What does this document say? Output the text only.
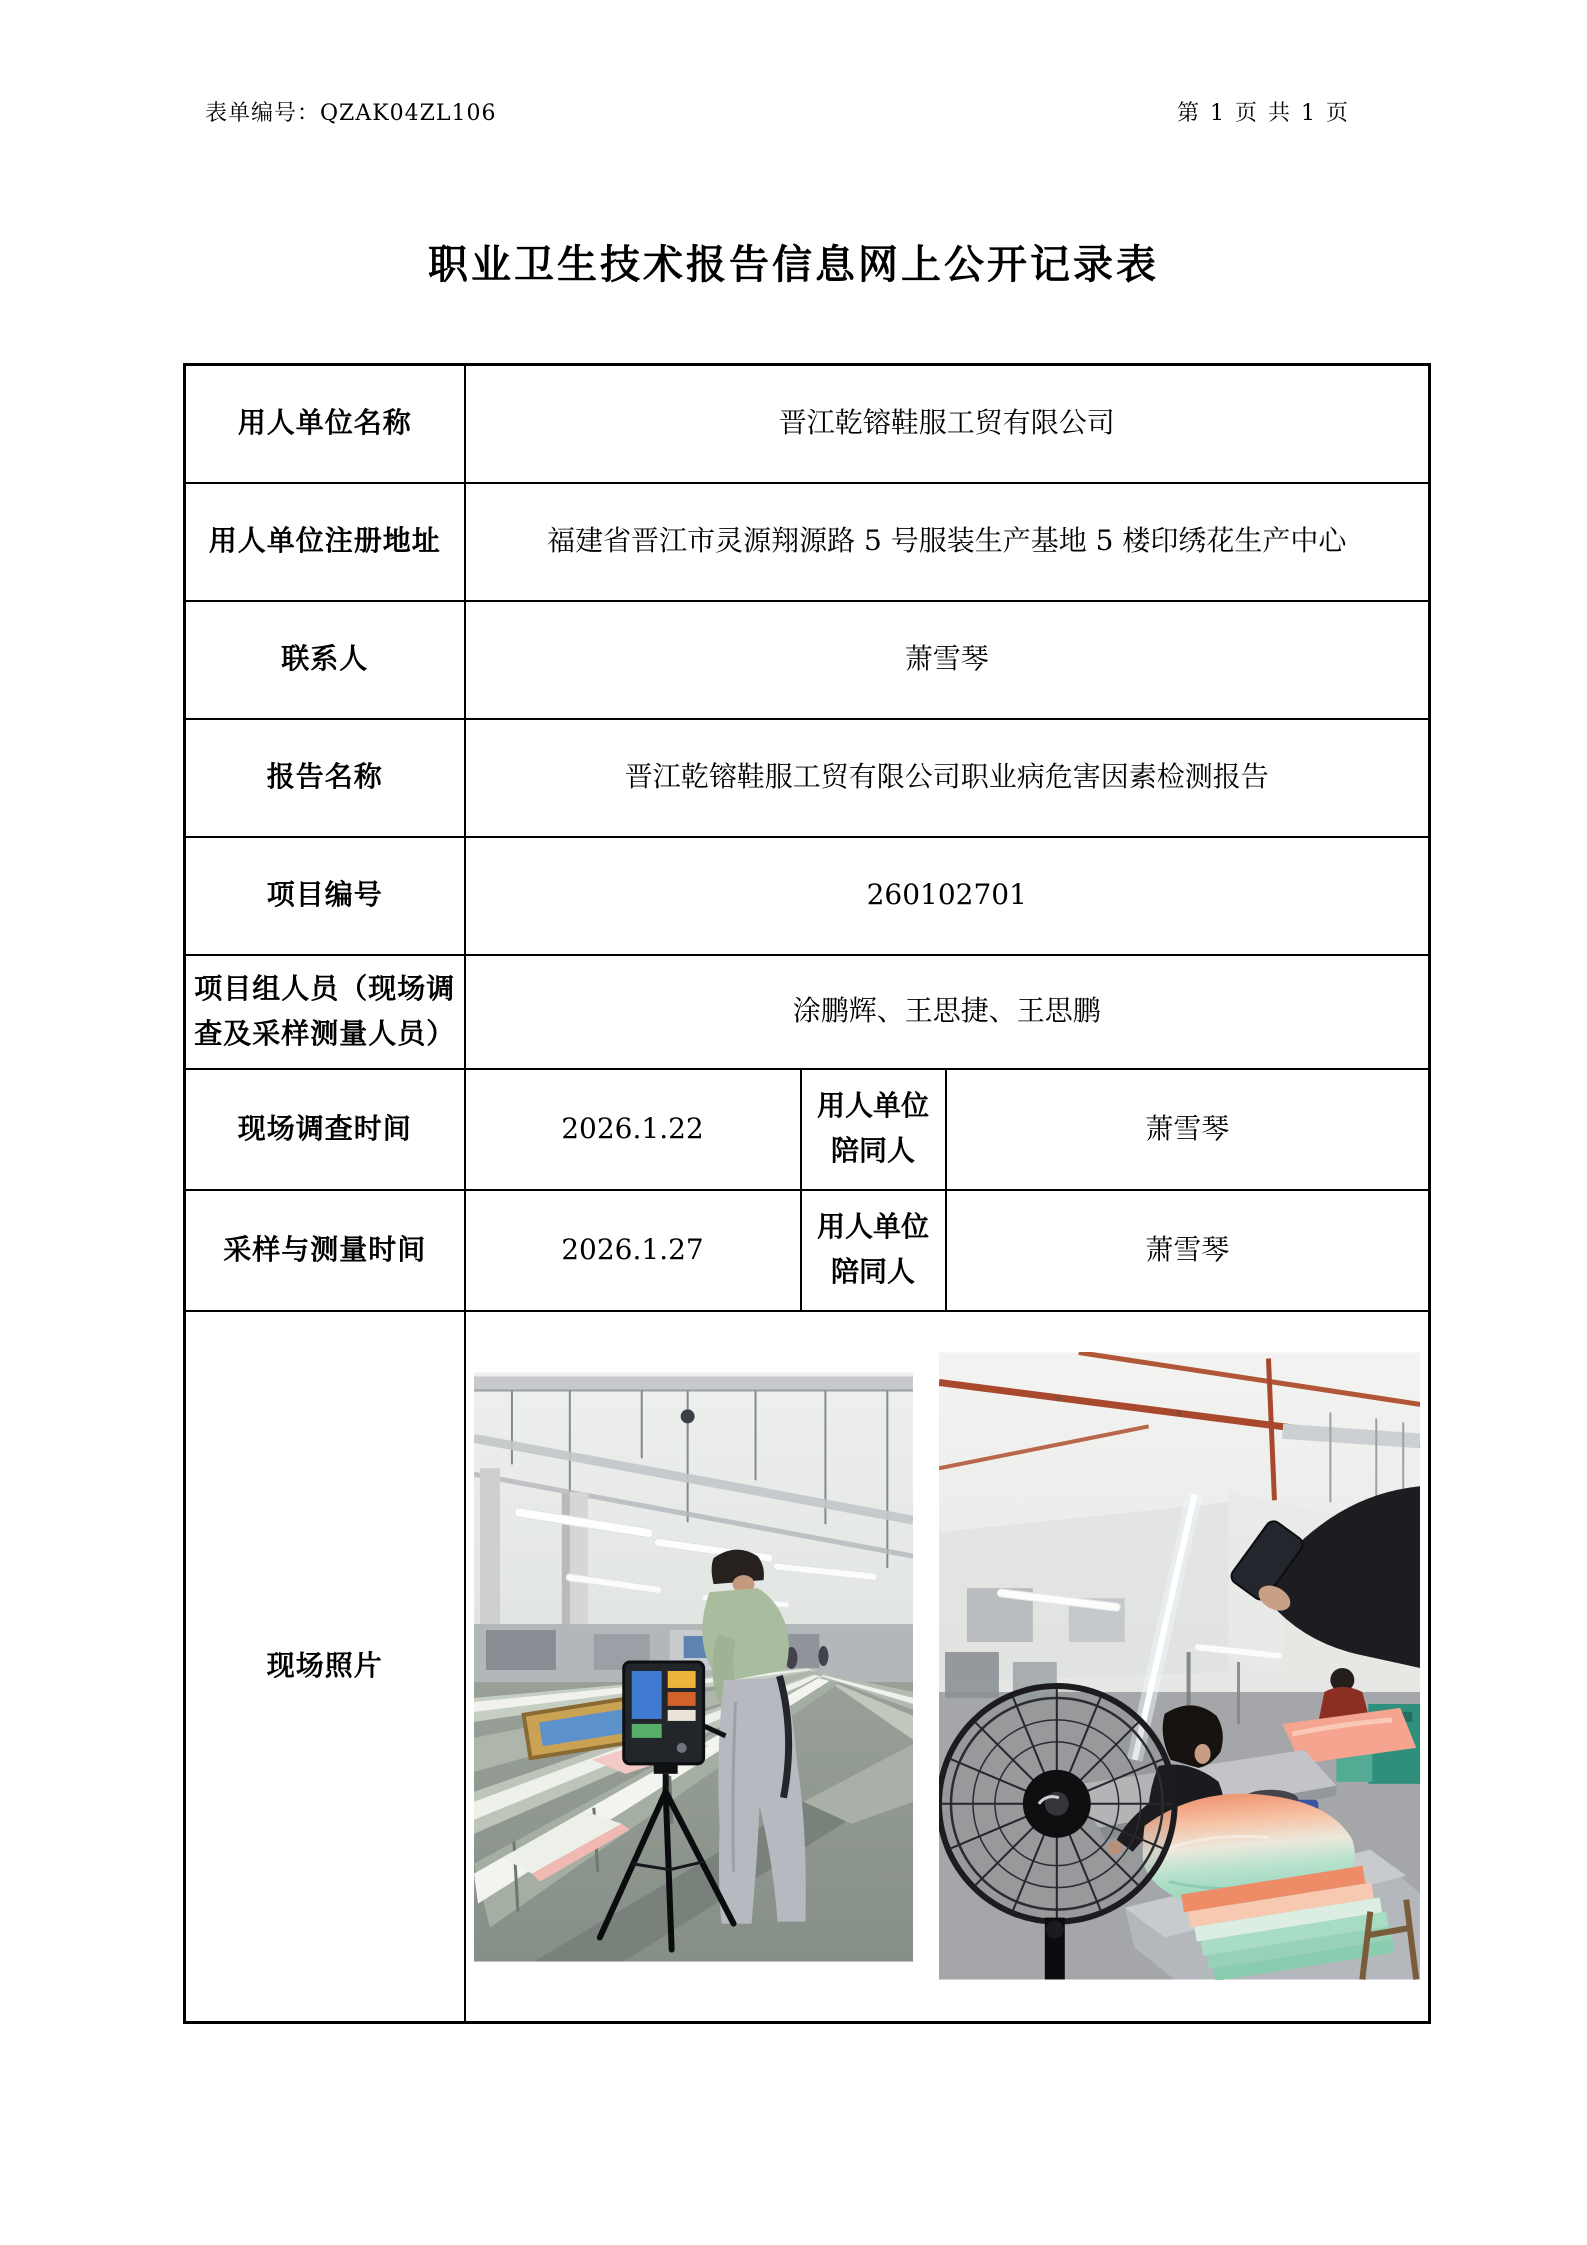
表单编号：QZAK04ZL106	第 1 页 共 1 页
职业卫生技术报告信息网上公开记录表
用人单位名称	晋江乾镕鞋服工贸有限公司		
用人单位注册地址	福建省晋江市灵源翔源路 5 号服装生产基地 5 楼印绣花生产中心		
联系人	萧雪琴		
报告名称	晋江乾镕鞋服工贸有限公司职业病危害因素检测报告		
项目编号	260102701		
项目组人员（现场调查及采样测量人员）	涂鹏辉、王思捷、王思鹏		
现场调查时间	2026.1.22	用人单位陪同人	萧雪琴
采样与测量时间	2026.1.27	用人单位陪同人	萧雪琴
现场照片	
